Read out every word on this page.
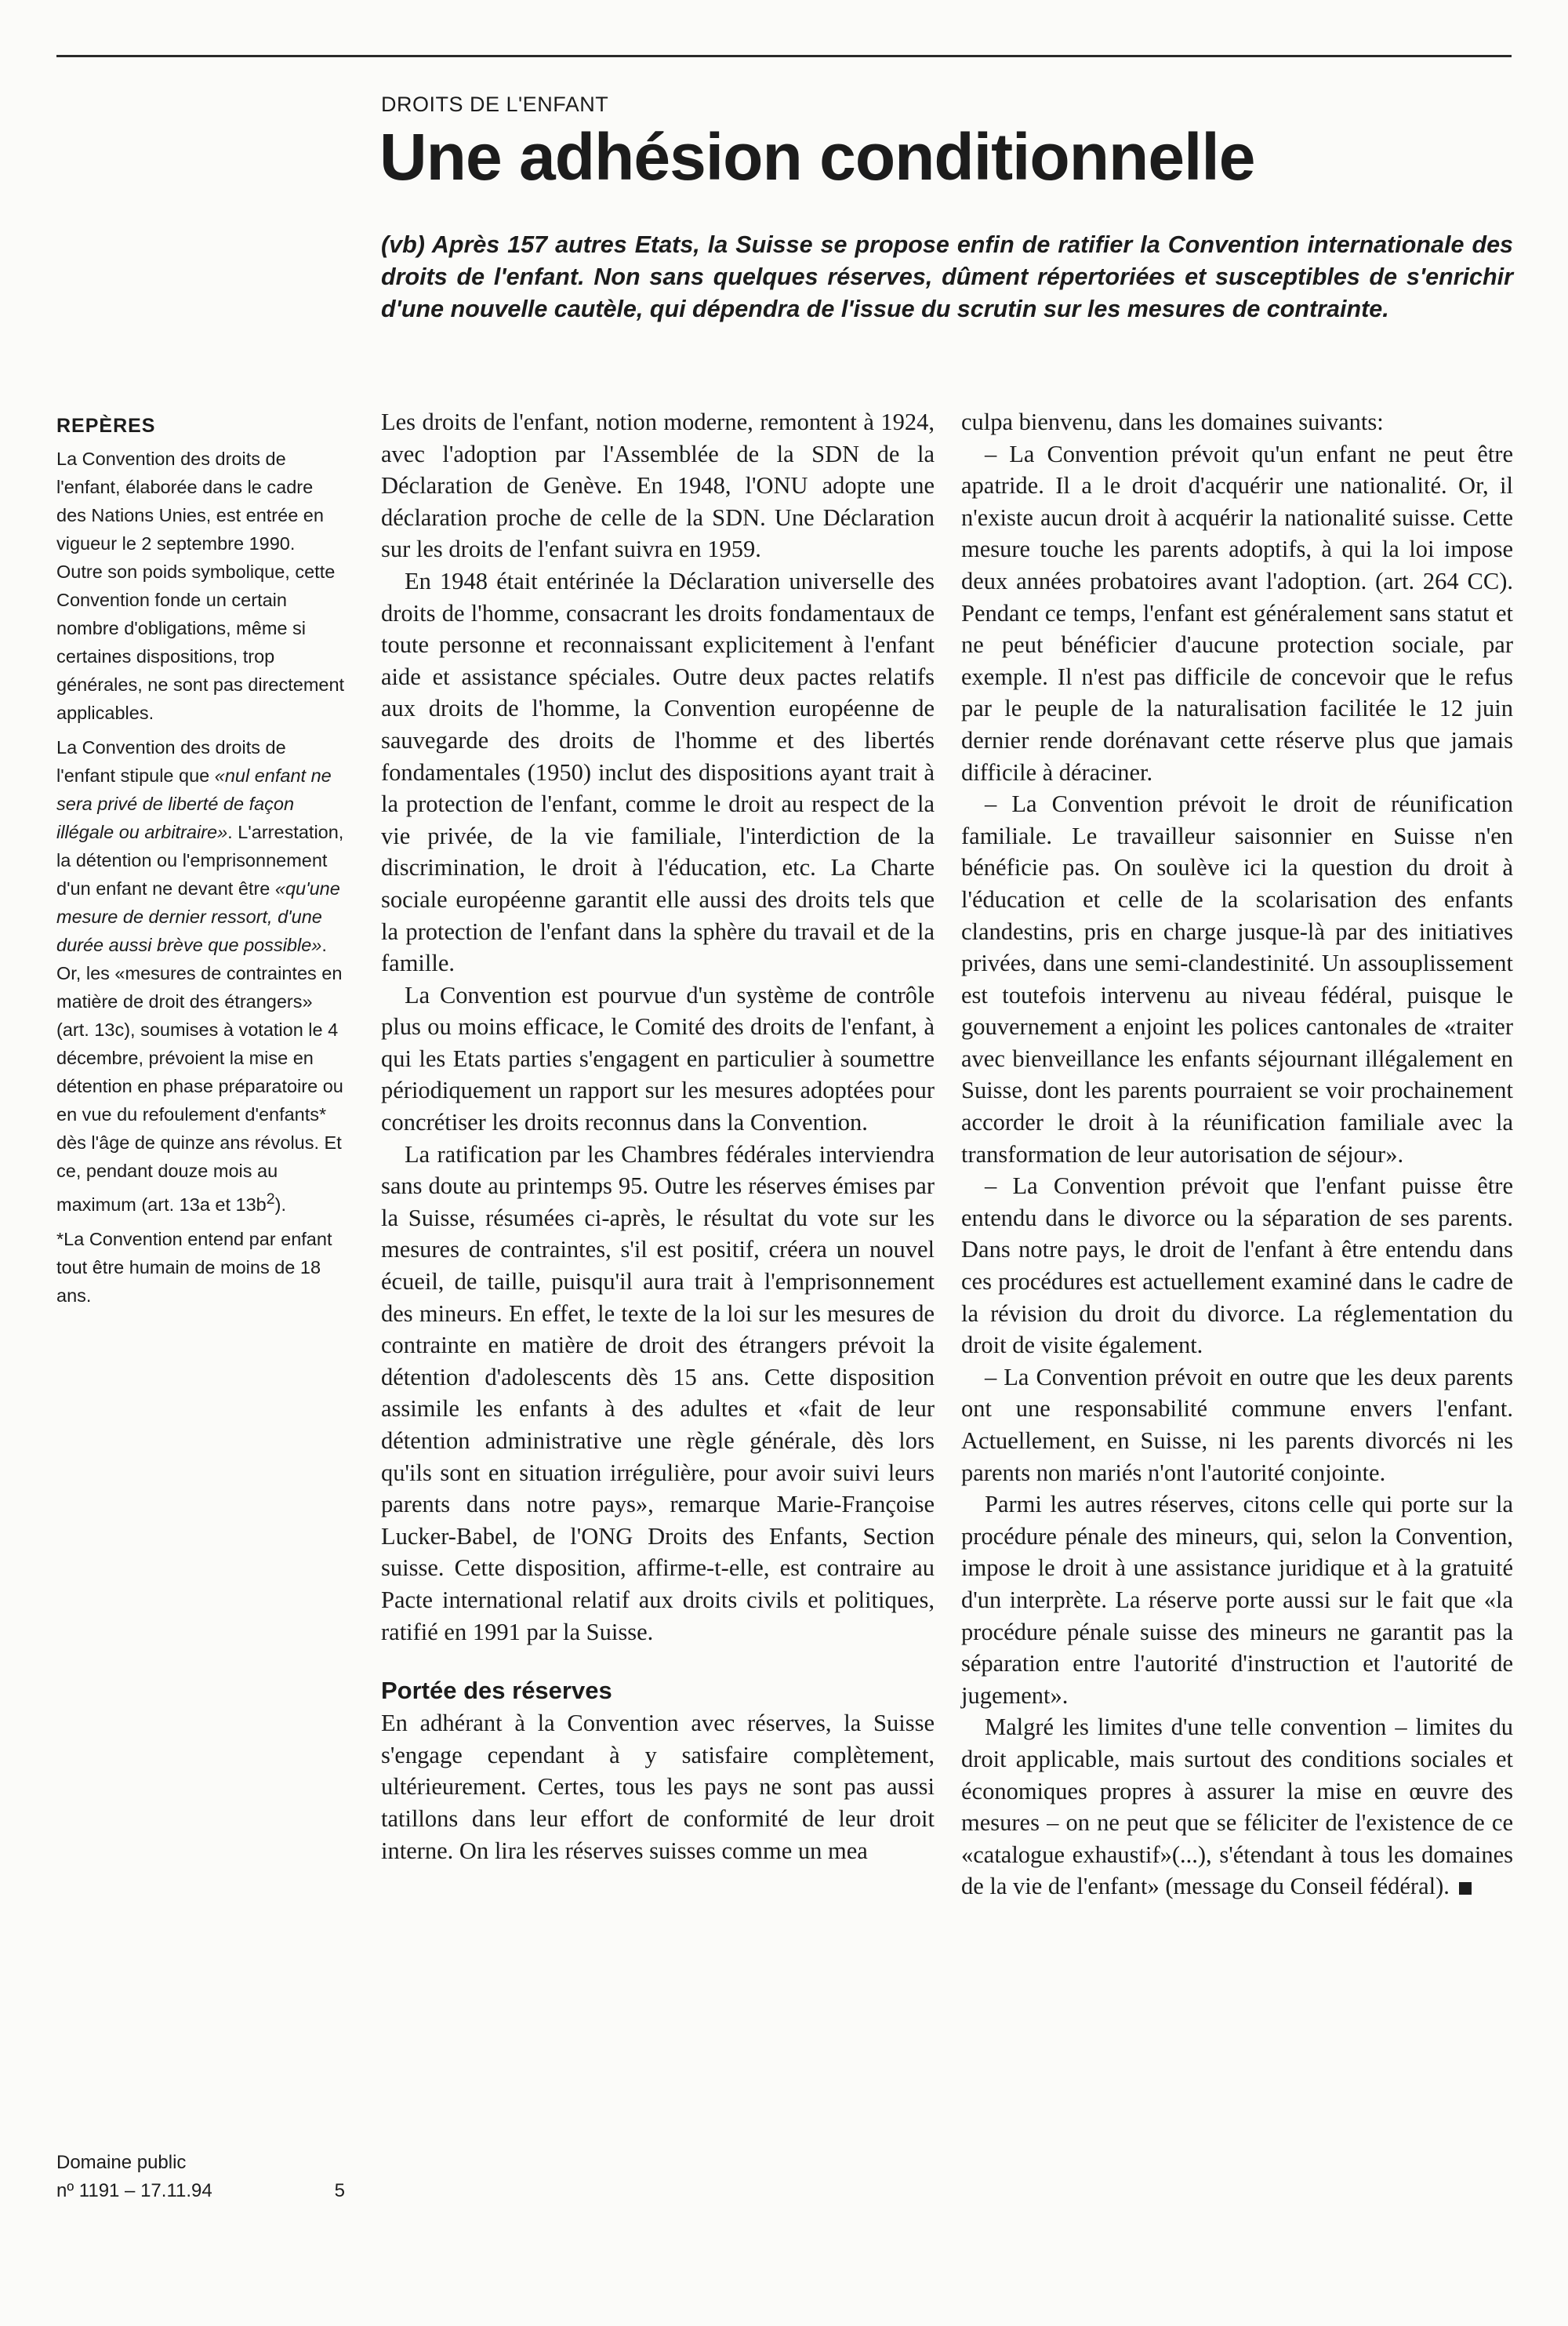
DROITS DE L'ENFANT
Une adhésion conditionnelle

(vb) Après 157 autres Etats, la Suisse se propose enfin de ratifier la Convention internationale des droits de l'enfant. Non sans quelques réserves, dûment répertoriées et susceptibles de s'enrichir d'une nouvelle cautèle, qui dépendra de l'issue du scrutin sur les mesures de contrainte.

REPÈRES

La Convention des droits de l'enfant, élaborée dans le cadre des Nations Unies, est entrée en vigueur le 2 septembre 1990. Outre son poids symbolique, cette Convention fonde un certain nombre d'obligations, même si certaines dispositions, trop générales, ne sont pas directement applicables.

La Convention des droits de l'enfant stipule que «nul enfant ne sera privé de liberté de façon illégale ou arbitraire». L'arrestation, la détention ou l'emprisonnement d'un enfant ne devant être «qu'une mesure de dernier ressort, d'une durée aussi brève que possible». Or, les «mesures de contraintes en matière de droit des étrangers» (art. 13c), soumises à votation le 4 décembre, prévoient la mise en détention en phase préparatoire ou en vue du refoulement d'enfants* dès l'âge de quinze ans révolus. Et ce, pendant douze mois au maximum (art. 13a et $13b^2$).

*La Convention entend par enfant tout être humain de moins de 18 ans.

Domaine public
nº 1191 – 17.11.94	5

Les droits de l'enfant, notion moderne, remontent à 1924, avec l'adoption par l'Assemblée de la SDN de la Déclaration de Genève. En 1948, l'ONU adopte une déclaration proche de celle de la SDN. Une Déclaration sur les droits de l'enfant suivra en 1959.

En 1948 était entérinée la Déclaration universelle des droits de l'homme, consacrant les droits fondamentaux de toute personne et reconnaissant explicitement à l'enfant aide et assistance spéciales. Outre deux pactes relatifs aux droits de l'homme, la Convention européenne de sauvegarde des droits de l'homme et des libertés fondamentales (1950) inclut des dispositions ayant trait à la protection de l'enfant, comme le droit au respect de la vie privée, de la vie familiale, l'interdiction de la discrimination, le droit à l'éducation, etc. La Charte sociale européenne garantit elle aussi des droits tels que la protection de l'enfant dans la sphère du travail et de la famille.

La Convention est pourvue d'un système de contrôle plus ou moins efficace, le Comité des droits de l'enfant, à qui les Etats parties s'engagent en particulier à soumettre périodiquement un rapport sur les mesures adoptées pour concrétiser les droits reconnus dans la Convention.

La ratification par les Chambres fédérales interviendra sans doute au printemps 95. Outre les réserves émises par la Suisse, résumées ci-après, le résultat du vote sur les mesures de contraintes, s'il est positif, créera un nouvel écueil, de taille, puisqu'il aura trait à l'emprisonnement des mineurs. En effet, le texte de la loi sur les mesures de contrainte en matière de droit des étrangers prévoit la détention d'adolescents dès 15 ans. Cette disposition assimile les enfants à des adultes et «fait de leur détention administrative une règle générale, dès lors qu'ils sont en situation irrégulière, pour avoir suivi leurs parents dans notre pays», remarque Marie-Françoise Lucker-Babel, de l'ONG Droits des Enfants, Section suisse. Cette disposition, affirme-t-elle, est contraire au Pacte international relatif aux droits civils et politiques, ratifié en 1991 par la Suisse.

Portée des réserves

En adhérant à la Convention avec réserves, la Suisse s'engage cependant à y satisfaire complètement, ultérieurement. Certes, tous les pays ne sont pas aussi tatillons dans leur effort de conformité de leur droit interne. On lira les réserves suisses comme un mea

culpa bienvenu, dans les domaines suivants:

– La Convention prévoit qu'un enfant ne peut être apatride. Il a le droit d'acquérir une nationalité. Or, il n'existe aucun droit à acquérir la nationalité suisse. Cette mesure touche les parents adoptifs, à qui la loi impose deux années probatoires avant l'adoption. (art. 264 CC). Pendant ce temps, l'enfant est généralement sans statut et ne peut bénéficier d'aucune protection sociale, par exemple. Il n'est pas difficile de concevoir que le refus par le peuple de la naturalisation facilitée le 12 juin dernier rende dorénavant cette réserve plus que jamais difficile à déraciner.

– La Convention prévoit le droit de réunification familiale. Le travailleur saisonnier en Suisse n'en bénéficie pas. On soulève ici la question du droit à l'éducation et celle de la scolarisation des enfants clandestins, pris en charge jusque-là par des initiatives privées, dans une semi-clandestinité. Un assouplissement est toutefois intervenu au niveau fédéral, puisque le gouvernement a enjoint les polices cantonales de «traiter avec bienveillance les enfants séjournant illégalement en Suisse, dont les parents pourraient se voir prochainement accorder le droit à la réunification familiale avec la transformation de leur autorisation de séjour».

– La Convention prévoit que l'enfant puisse être entendu dans le divorce ou la séparation de ses parents. Dans notre pays, le droit de l'enfant à être entendu dans ces procédures est actuellement examiné dans le cadre de la révision du droit du divorce. La réglementation du droit de visite également.

– La Convention prévoit en outre que les deux parents ont une responsabilité commune envers l'enfant. Actuellement, en Suisse, ni les parents divorcés ni les parents non mariés n'ont l'autorité conjointe.

Parmi les autres réserves, citons celle qui porte sur la procédure pénale des mineurs, qui, selon la Convention, impose le droit à une assistance juridique et à la gratuité d'un interprète. La réserve porte aussi sur le fait que «la procédure pénale suisse des mineurs ne garantit pas la séparation entre l'autorité d'instruction et l'autorité de jugement».

Malgré les limites d'une telle convention – limites du droit applicable, mais surtout des conditions sociales et économiques propres à assurer la mise en œuvre des mesures – on ne peut que se féliciter de l'existence de ce «catalogue exhaustif»(...), s'étendant à tous les domaines de la vie de l'enfant» (message du Conseil fédéral).
